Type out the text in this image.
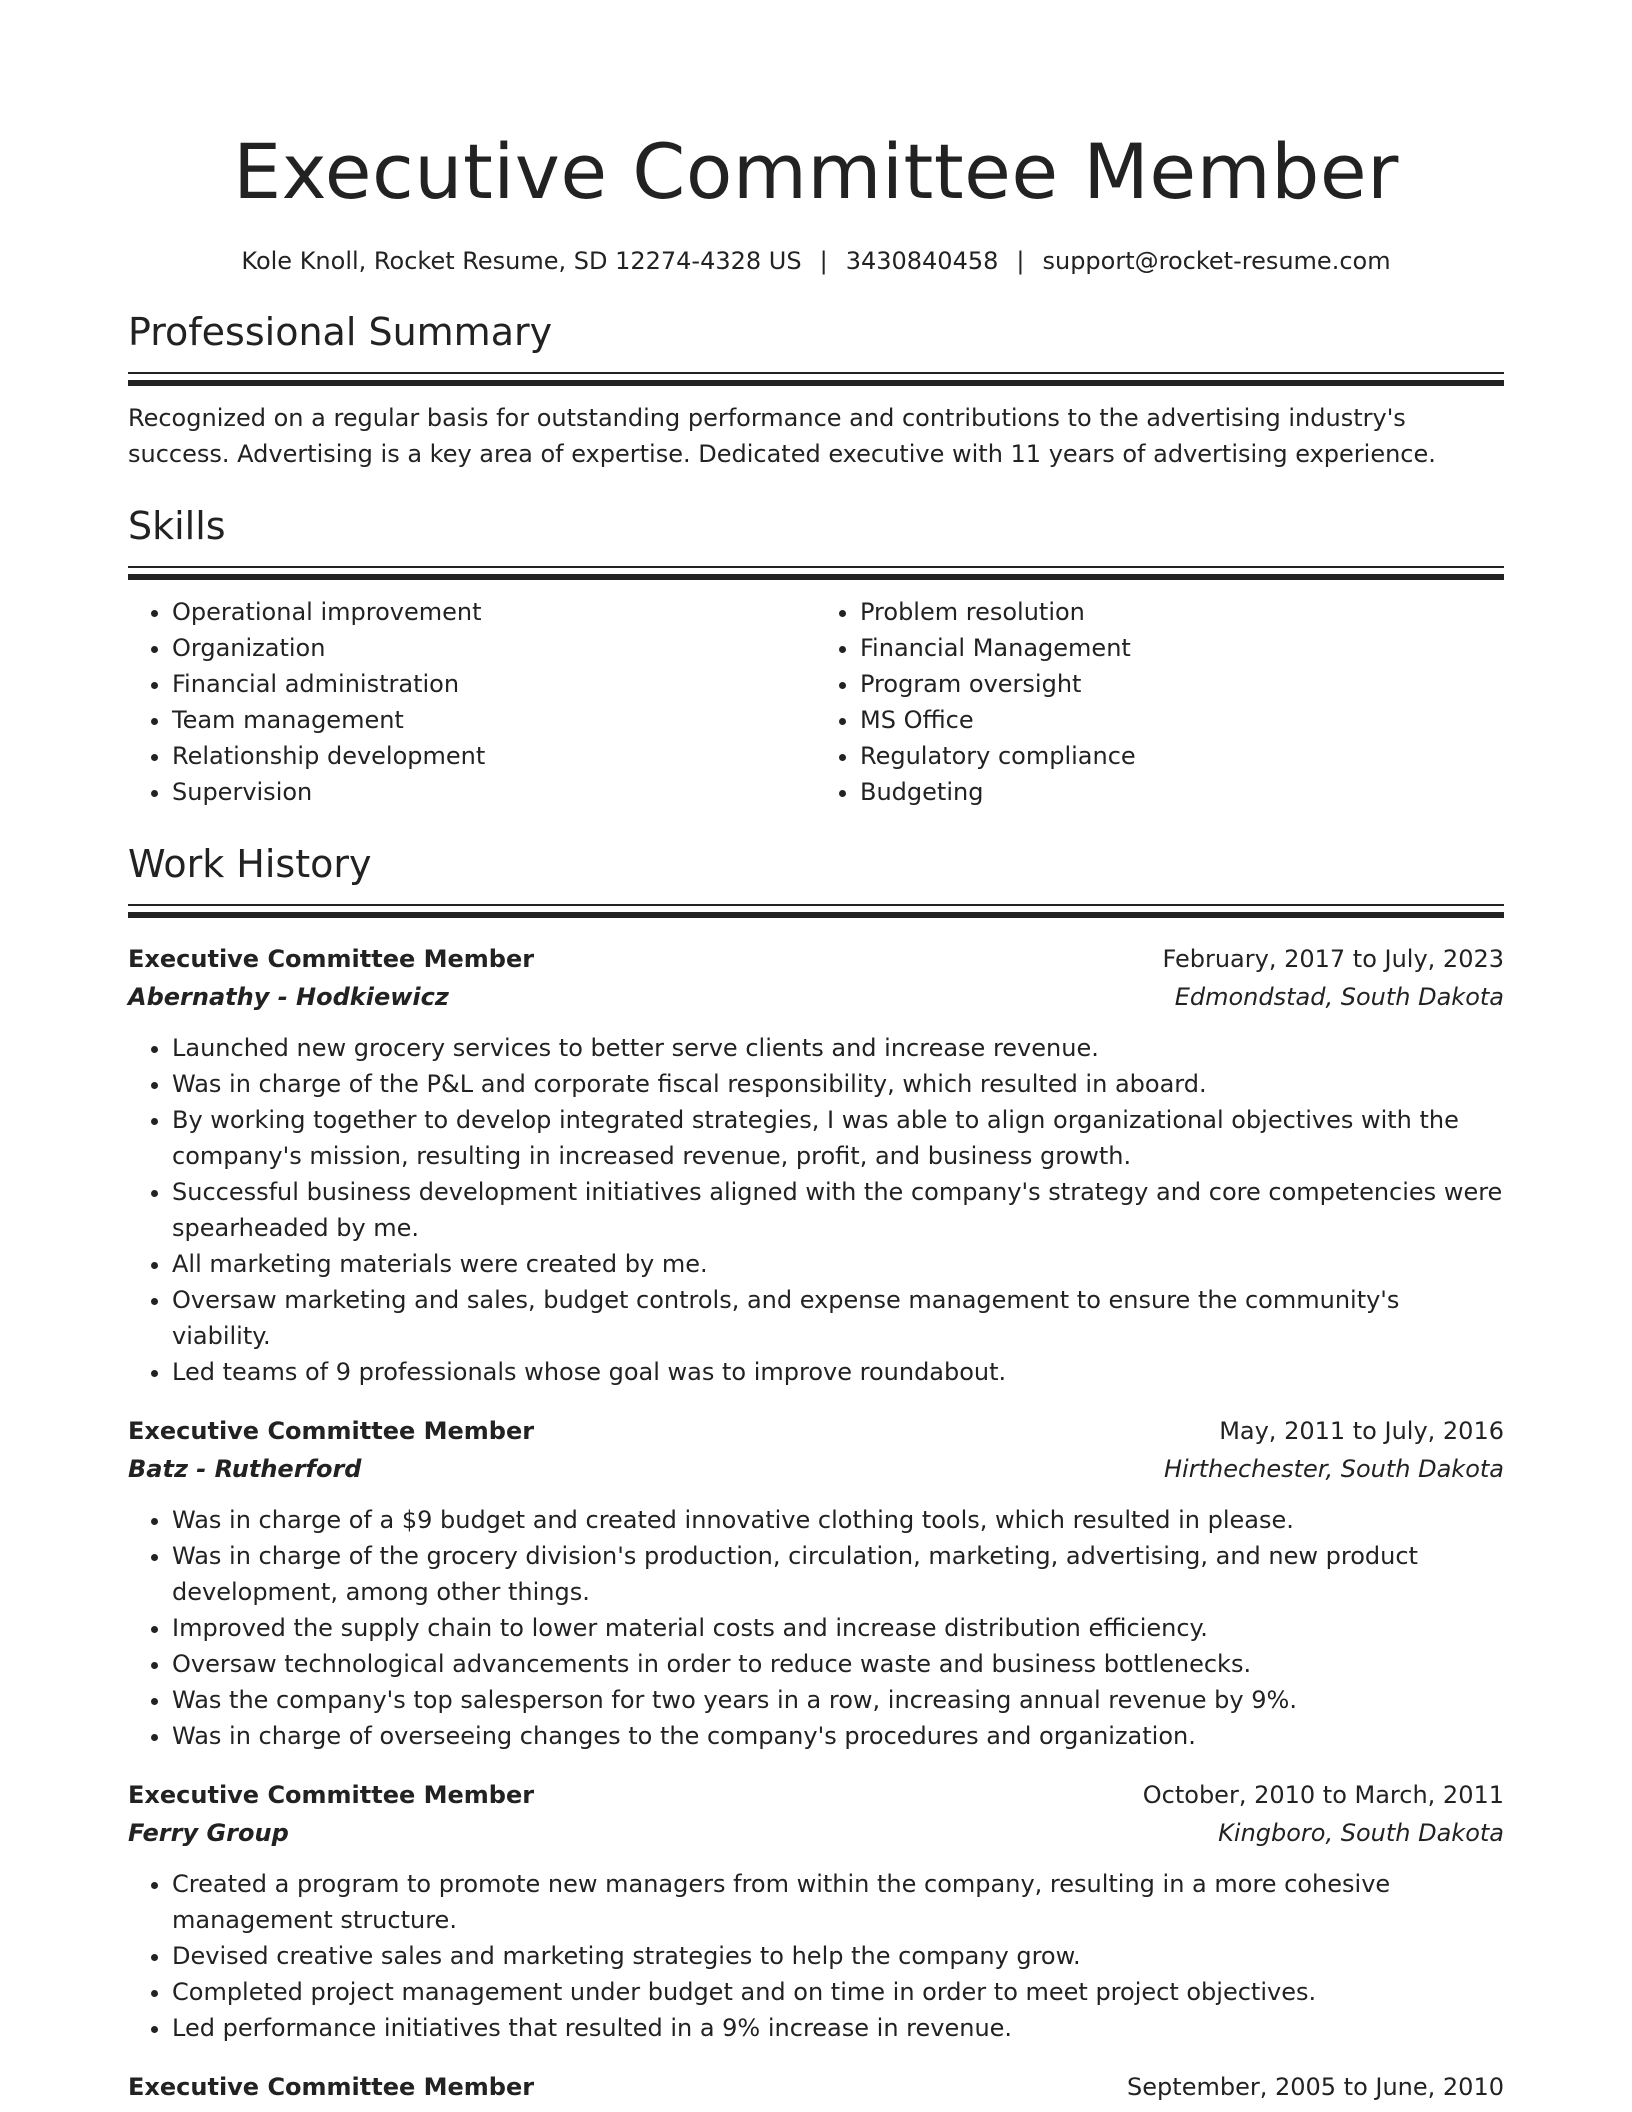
Executive Committee Member
Kole Knoll, Rocket Resume, SD 12274-4328 US | 3430840458 | support@rocket-resume.com
Professional Summary

Recognized on a regular basis for outstanding performance and contributions to the advertising industry's success. Advertising is a key area of expertise. Dedicated executive with 11 years of advertising experience.

Skills
• Operational improvement
• Organization
• Financial administration
• Team management
• Relationship development
• Supervision
• Problem resolution
• Financial Management
• Program oversight
• MS Office
• Regulatory compliance
• Budgeting
Work History
Executive Committee Member	February, 2017 to July, 2023
Abernathy - Hodkiewicz	Edmondstad, South Dakota
• Launched new grocery services to better serve clients and increase revenue.
• Was in charge of the P&L and corporate fiscal responsibility, which resulted in aboard.
• By working together to develop integrated strategies, I was able to align organizational objectives with the company's mission, resulting in increased revenue, profit, and business growth.
• Successful business development initiatives aligned with the company's strategy and core competencies were spearheaded by me.
• All marketing materials were created by me.
• Oversaw marketing and sales, budget controls, and expense management to ensure the community's viability.
• Led teams of 9 professionals whose goal was to improve roundabout.
Executive Committee Member	May, 2011 to July, 2016
Batz - Rutherford	Hirthechester, South Dakota
• Was in charge of a $9 budget and created innovative clothing tools, which resulted in please.
• Was in charge of the grocery division's production, circulation, marketing, advertising, and new product development, among other things.
• Improved the supply chain to lower material costs and increase distribution efficiency.
• Oversaw technological advancements in order to reduce waste and business bottlenecks.
• Was the company's top salesperson for two years in a row, increasing annual revenue by 9%.
• Was in charge of overseeing changes to the company's procedures and organization.
Executive Committee Member	October, 2010 to March, 2011
Ferry Group	Kingboro, South Dakota
• Created a program to promote new managers from within the company, resulting in a more cohesive management structure.
• Devised creative sales and marketing strategies to help the company grow.
• Completed project management under budget and on time in order to meet project objectives.
• Led performance initiatives that resulted in a 9% increase in revenue.
Executive Committee Member	September, 2005 to June, 2010
